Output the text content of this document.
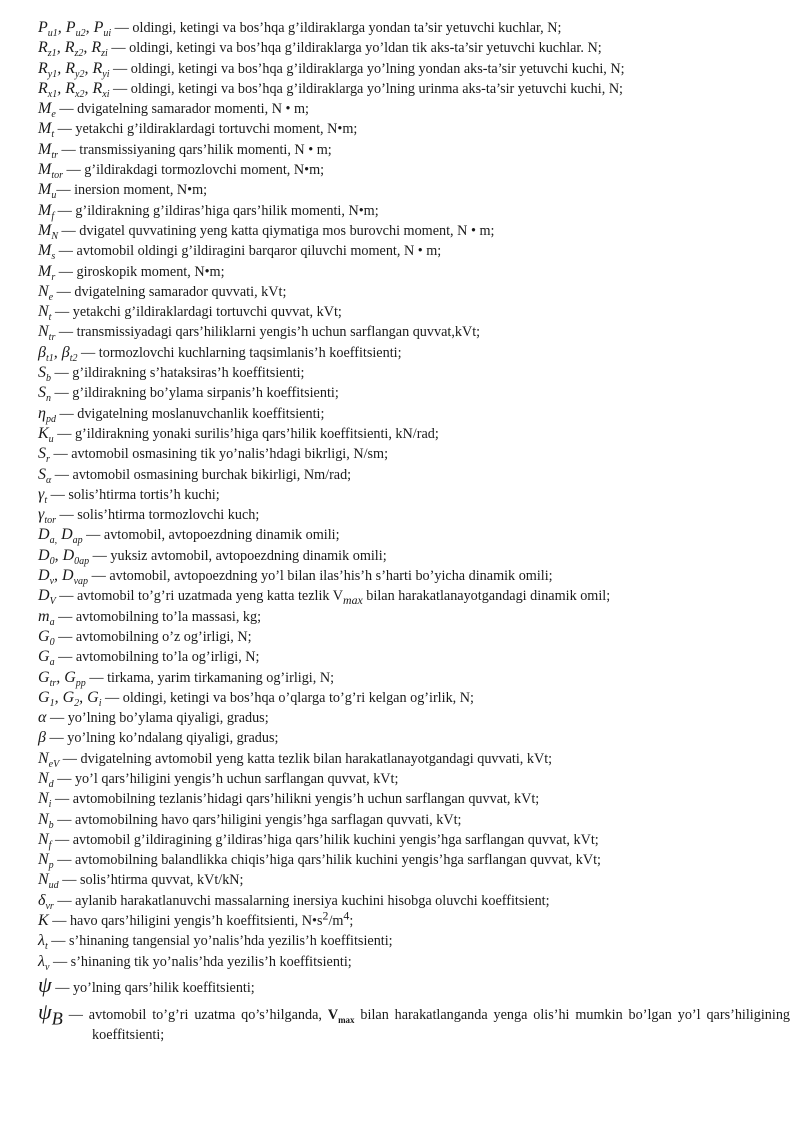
$P_{u1}$, $P_{u2}$, $P_{ui}$ — oldingi, ketingi va bos’hqa g’ildiraklarga yondan ta’sir yetuvchi kuchlar, N;
$R_{z1}$, $R_{z2}$, $R_{zi}$ — oldingi, ketingi va bos’hqa g’ildiraklarga yo’ldan tik aks-ta’sir yetuvchi kuchlar. N;
$R_{y1}$, $R_{y2}$, $R_{yi}$ — oldingi, ketingi va bos’hqa g’ildiraklarga yo’lning yondan aks-ta’sir yetuvchi kuchi, N;
$R_{x1}$, $R_{x2}$, $R_{xi}$ — oldingi, ketingi va bos’hqa g’ildiraklarga yo’lning urinma aks-ta’sir yetuvchi kuchi, N;
$M_e$ — dvigatelning samarador momenti, N • m;
$M_t$ — yetakchi g’ildiraklardagi tortuvchi moment, N•m;
$M_{tr}$ — transmissiyaning qars’hilik momenti, N • m;
$M_{tor}$ — g’ildirakdagi tormozlovchi moment, N•m;
$M_u—$ inersion moment, N•m;
$M_f$ — g’ildirakning g’ildiras’higa qars’hilik momenti, N•m;
$M_N$ — dvigatel quvvatining yeng katta qiymatiga mos burovchi moment, N • m;
$M_s$ — avtomobil oldingi g’ildiragini barqaror qiluvchi moment, N • m;
$M_r$ — giroskopik moment, N•m;
$N_e$ — dvigatelning samarador quvvati, kVt;
$N_t$ — yetakchi g’ildiraklardagi tortuvchi quvvat, kVt;
$N_{tr}$ — transmissiyadagi qars’hiliklarni yengis’h uchun sarflangan quvvat,kVt;
$\beta_{t1}$, $\beta_{t2}$ — tormozlovchi kuchlarning taqsimlanis’h koeffitsienti;
$S_b$ — g’ildirakning s’hataksiras’h koeffitsienti;
$S_n$ — g’ildirakning bo’ylama sirpanis’h koeffitsienti;
$\eta_{pd}$ — dvigatelning moslanuvchanlik koeffitsienti;
$K_u$ — g’ildirakning yonaki surilis’higa qars’hilik koeffitsienti, kN/rad;
$S_r$ — avtomobil osmasining tik yo’nalis’hdagi bikrligi, N/sm;
$S_\alpha$ — avtomobil osmasining burchak bikirligi, Nm/rad;
$\gamma_t$ — solis’htirma tortis’h kuchi;
$\gamma_{tor}$ — solis’htirma tormozlovchi kuch;
$D_{a,}$ $D_{ap}$ — avtomobil, avtopoezdning dinamik omili;
$D_0$, $D_{0ap}$ — yuksiz avtomobil, avtopoezdning dinamik omili;
$D_v$, $D_{vap}$ — avtomobil, avtopoezdning yo’l bilan ilas’his’h s’harti bo’yicha dinamik omili;
$D_V$ — avtomobil to’g’ri uzatmada yeng katta tezlik $V_{max}$ bilan harakatlanayotgandagi dinamik omil;
$m_a$ — avtomobilning to’la massasi, kg;
$G_0$ — avtomobilning o’z og’irligi, N;
$G_a$ — avtomobilning to’la og’irligi, N;
$G_{tr}$, $G_{pp}$ — tirkama, yarim tirkamaning og’irligi, N;
$G_1$, $G_2$, $G_i$ — oldingi, ketingi va bos’hqa o’qlarga to’g’ri kelgan og’irlik, N;
α — yo’lning bo’ylama qiyaligi, gradus;
β — yo’lning ko’ndalang qiyaligi, gradus;
$N_{eV}$ — dvigatelning avtomobil yeng katta tezlik bilan harakatlanayotgandagi quvvati, kVt;
$N_d$ — yo’l qars’hiligini yengis’h uchun sarflangan quvvat, kVt;
$N_i$ — avtomobilning tezlanis’hidagi qars’hilikni yengis’h uchun sarflangan quvvat, kVt;
$N_b$ — avtomobilning havo qars’hiligini yengis’hga sarflagan quvvati, kVt;
$N_f$ — avtomobil g’ildiragining g’ildiras’higa qars’hilik kuchini yengis’hga sarflangan quvvat, kVt;
$N_p$ — avtomobilning balandlikka chiqis’higa qars’hilik kuchini yengis’hga sarflangan quvvat, kVt;
$N_{ud}$ — solis’htirma quvvat, kVt/kN;
$\delta_{vr}$ — aylanib harakatlanuvchi massalarning inersiya kuchini hisobga oluvchi koeffitsient;
K — havo qars’hiligini yengis’h koeffitsienti, $N•s^2/m^4$;
$\lambda_t$ — s’hinaning tangensial yo’nalis’hda yezilis’h koeffitsienti;
$\lambda_v$ — s’hinaning tik yo’nalis’hda yezilis’h koeffitsienti;
ψ — yo’lning qars’hilik koeffitsienti;
$\psi_B$ — avtomobil to’g’ri uzatma qo’s’hilganda, $V_{max}$ bilan harakatlanganda yenga olis’hi mumkin bo’lgan yo’l qars’hiligining koeffitsienti;
